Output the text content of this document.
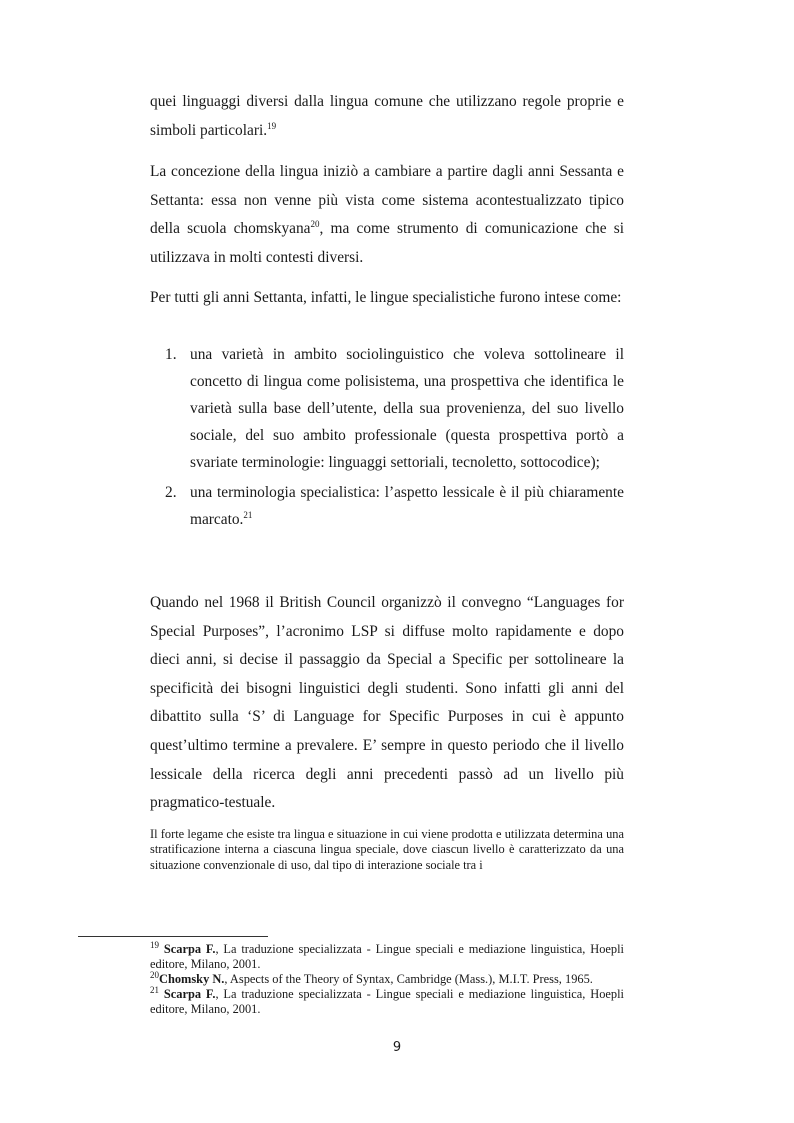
quei linguaggi diversi dalla lingua comune che utilizzano regole proprie e simboli particolari.$^{19}$

La concezione della lingua iniziò a cambiare a partire dagli anni Sessanta e Settanta: essa non venne più vista come sistema acontestualizzato tipico della scuola chomskyana$^{20}$, ma come strumento di comunicazione che si utilizzava in molti contesti diversi.

Per tutti gli anni Settanta, infatti, le lingue specialistiche furono intese come:

1. una varietà in ambito sociolinguistico che voleva sottolineare il concetto di lingua come polisistema, una prospettiva che identifica le varietà sulla base dell’utente, della sua provenienza, del suo livello sociale, del suo ambito professionale (questa prospettiva portò a svariate terminologie: linguaggi settoriali, tecnoletto, sottocodice);
2. una terminologia specialistica: l’aspetto lessicale è il più chiaramente marcato.$^{21}$

Quando nel 1968 il British Council organizzò il convegno “Languages for Special Purposes”, l’acronimo LSP si diffuse molto rapidamente e dopo dieci anni, si decise il passaggio da Special a Specific per sottolineare la specificità dei bisogni linguistici degli studenti. Sono infatti gli anni del dibattito sulla ‘S’ di Language for Specific Purposes in cui è appunto quest’ultimo termine a prevalere. E’ sempre in questo periodo che il livello lessicale della ricerca degli anni precedenti passò ad un livello più pragmatico-testuale.

Il forte legame che esiste tra lingua e situazione in cui viene prodotta e utilizzata determina una stratificazione interna a ciascuna lingua speciale, dove ciascun livello è caratterizzato da una situazione convenzionale di uso, dal tipo di interazione sociale tra i

$^{19}$ Scarpa F., La traduzione specializzata - Lingue speciali e mediazione linguistica, Hoepli editore, Milano, 2001.

$^{20}$Chomsky N., Aspects of the Theory of Syntax, Cambridge (Mass.), M.I.T. Press, 1965.

$^{21}$ Scarpa F., La traduzione specializzata - Lingue speciali e mediazione linguistica, Hoepli editore, Milano, 2001.

9
